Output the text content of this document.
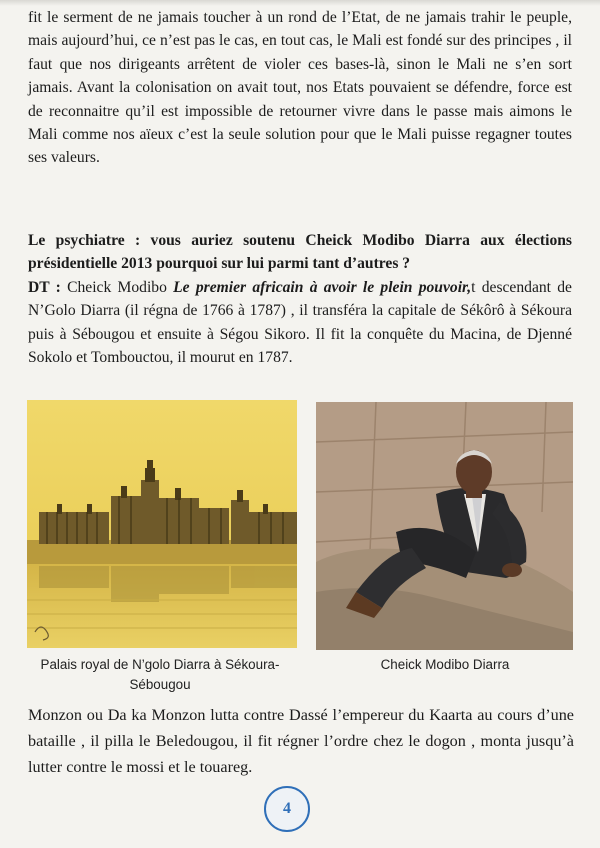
fit le serment de ne jamais toucher à un rond de l’Etat, de ne jamais trahir le peuple, mais aujourd’hui, ce n’est pas le cas, en tout cas, le Mali est fondé sur des principes , il faut que nos dirigeants arrêtent de violer ces bases-là, sinon le Mali ne s’en sort jamais. Avant la colonisation on avait tout, nos Etats pouvaient se défendre, force est de reconnaitre qu’il est impossible de retourner vivre dans le passe mais aimons le Mali comme nos aïeux c’est la seule solution pour que le Mali puisse regagner toutes ses valeurs.

Le psychiatre : vous auriez soutenu Cheick Modibo Diarra aux élections présidentielle 2013 pourquoi sur lui parmi tant d’autres ?

DT : Cheick Modibo Le premier africain à avoir le plein pouvoir,t descendant de N’Golo Diarra (il régna de 1766 à 1787) , il transféra la capitale de Sékôrô à Sékoura puis à Sébougou et ensuite à Ségou Sikoro. Il fit la conquête du Macina, de Djenné Sokolo et Tombouctou, il mourut en 1787.

Palais royal de N’golo Diarra à Sékoura-Sébougou
Cheick Modibo Diarra

Monzon ou Da ka Monzon lutta contre Dassé l’empereur du Kaarta au cours d’une bataille , il pilla le Beledougou, il fit régner l’ordre chez le dogon , monta jusqu’à lutter contre le mossi et le touareg.

4
